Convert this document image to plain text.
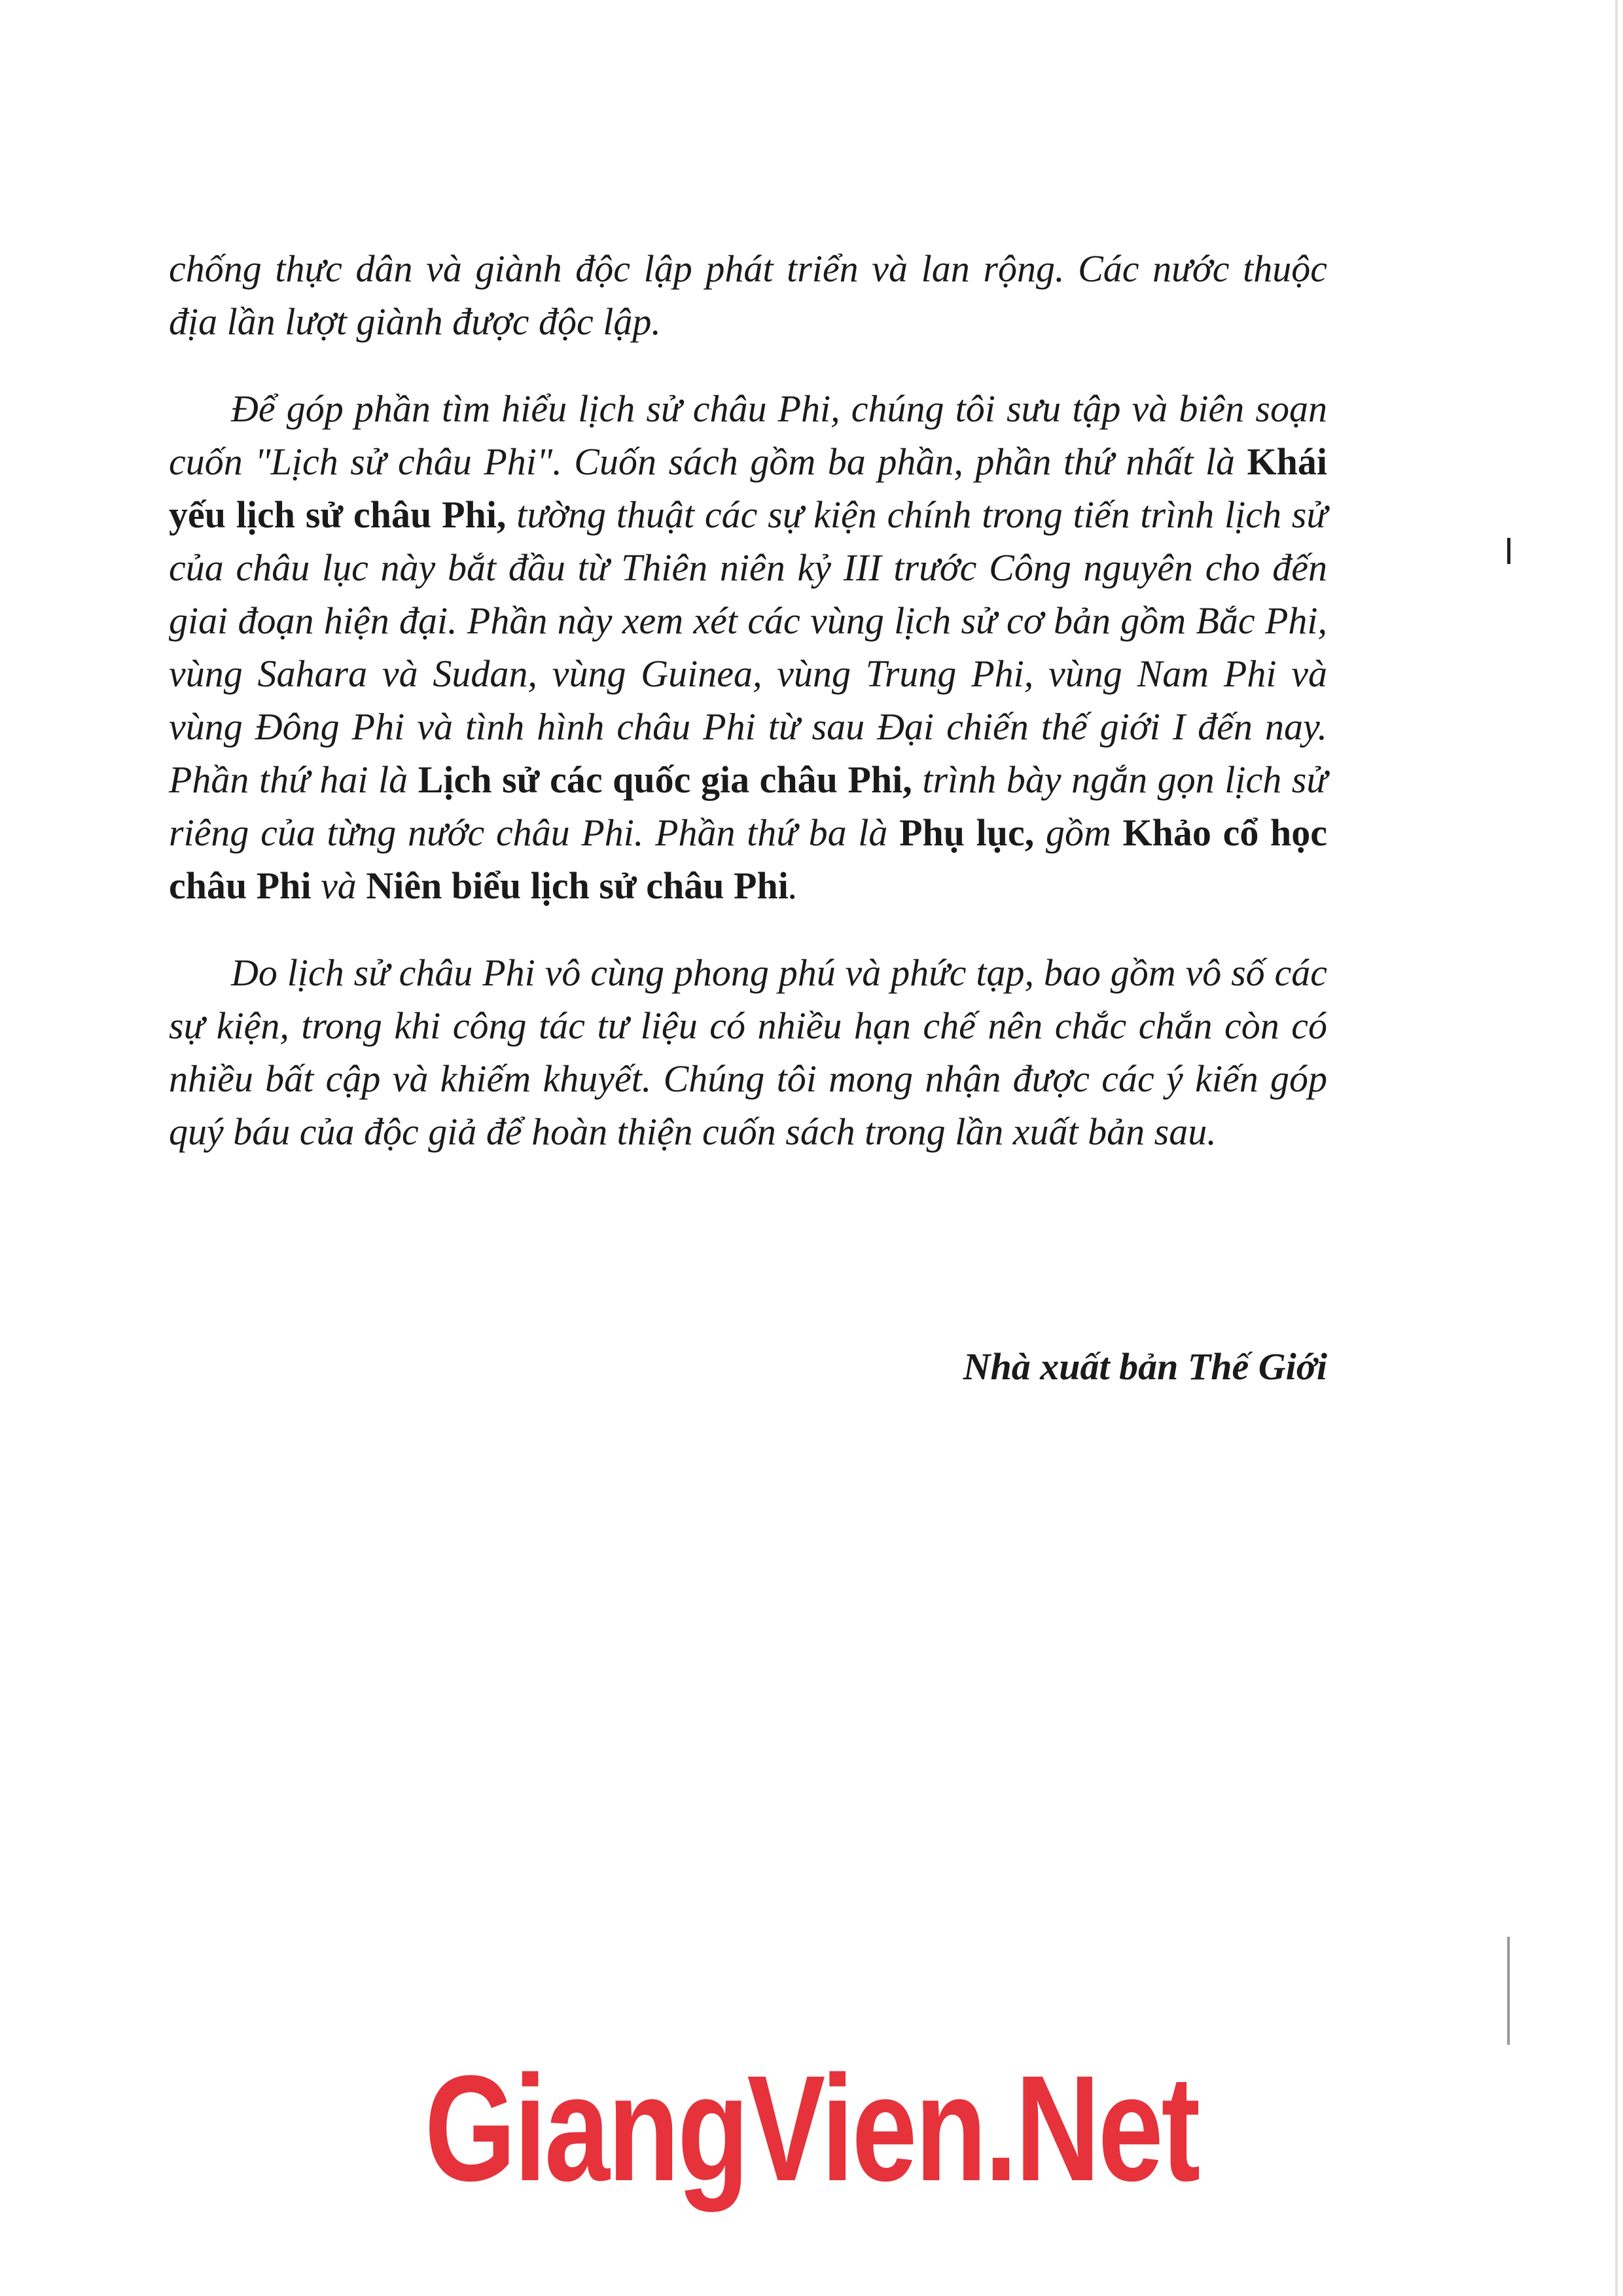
chống thực dân và giành độc lập phát triển và lan rộng. Các nước thuộc địa lần lượt giành được độc lập.

Để góp phần tìm hiểu lịch sử châu Phi, chúng tôi sưu tập và biên soạn cuốn "Lịch sử châu Phi". Cuốn sách gồm ba phần, phần thứ nhất là Khái yếu lịch sử châu Phi, tường thuật các sự kiện chính trong tiến trình lịch sử của châu lục này bắt đầu từ Thiên niên kỷ III trước Công nguyên cho đến giai đoạn hiện đại. Phần này xem xét các vùng lịch sử cơ bản gồm Bắc Phi, vùng Sahara và Sudan, vùng Guinea, vùng Trung Phi, vùng Nam Phi và vùng Đông Phi và tình hình châu Phi từ sau Đại chiến thế giới I đến nay. Phần thứ hai là Lịch sử các quốc gia châu Phi, trình bày ngắn gọn lịch sử riêng của từng nước châu Phi. Phần thứ ba là Phụ lục, gồm Khảo cổ học châu Phi và Niên biểu lịch sử châu Phi.

Do lịch sử châu Phi vô cùng phong phú và phức tạp, bao gồm vô số các sự kiện, trong khi công tác tư liệu có nhiều hạn chế nên chắc chắn còn có nhiều bất cập và khiếm khuyết. Chúng tôi mong nhận được các ý kiến góp quý báu của độc giả để hoàn thiện cuốn sách trong lần xuất bản sau.

Nhà xuất bản Thế Giới
GiangVien.Net
